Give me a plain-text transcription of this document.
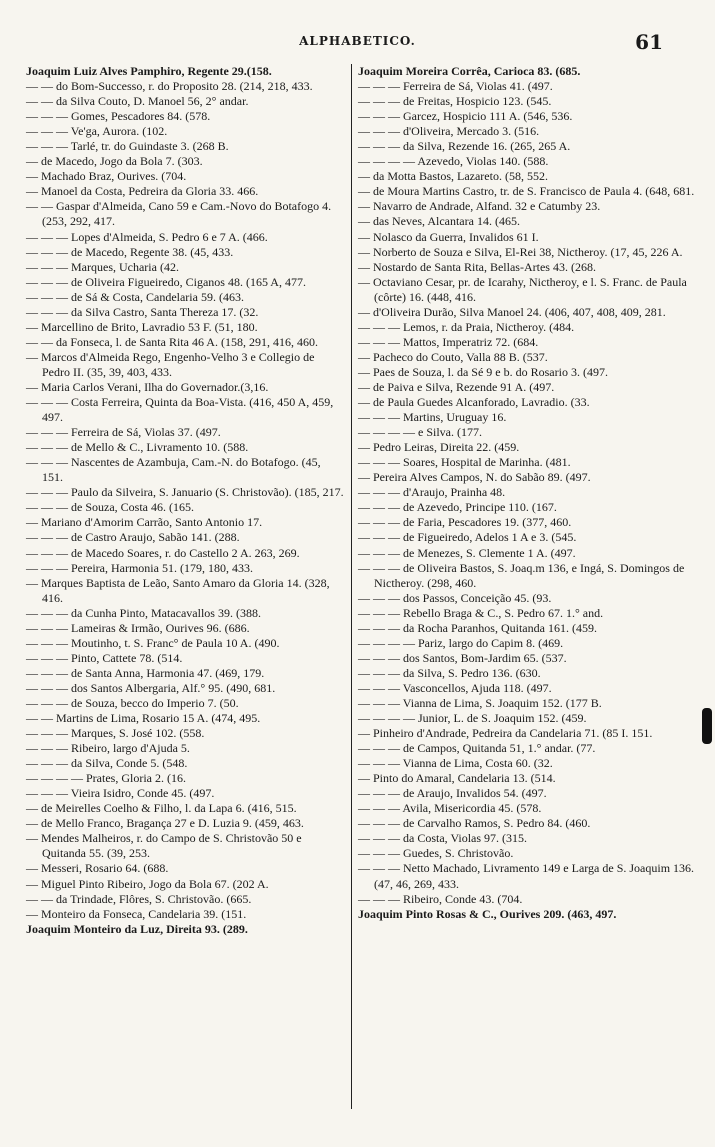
ALPHABETICO.	61
Joaquim Luiz Alves Pamphiro, Regente 29.(158.
— — do Bom-Successo, r. do Proposito 28. (214, 218, 433.
— — da Silva Couto, D. Manoel 56, 2° andar.
— — — Gomes, Pescadores 84. (578.
— — — Ve'ga, Aurora. (102.
— — — Tarlé, tr. do Guindaste 3. (268 B.
— de Macedo, Jogo da Bola 7. (303.
— Machado Braz, Ourives. (704.
— Manoel da Costa, Pedreira da Gloria 33. 466.
— — Gaspar d'Almeida, Cano 59 e Cam.-Novo do Botafogo 4. (253, 292, 417.
— — — Lopes d'Almeida, S. Pedro 6 e 7 A. (466.
— — — de Macedo, Regente 38. (45, 433.
— — — Marques, Ucharia (42.
— — — de Oliveira Figueiredo, Ciganos 48. (165 A, 477.
— — — de Sá & Costa, Candelaria 59. (463.
— — — da Silva Castro, Santa Thereza 17. (32.
— Marcellino de Brito, Lavradio 53 F. (51, 180.
— — da Fonseca, l. de Santa Rita 46 A. (158, 291, 416, 460.
— Marcos d'Almeida Rego, Engenho-Velho 3 e Collegio de Pedro II. (35, 39, 403, 433.
— Maria Carlos Verani, Ilha do Governador.(3,16.
— — — Costa Ferreira, Quinta da Boa-Vista. (416, 450 A, 459, 497.
— — — Ferreira de Sá, Violas 37. (497.
— — — de Mello & C., Livramento 10. (588.
— — — Nascentes de Azambuja, Cam.-N. do Botafogo. (45, 151.
— — — Paulo da Silveira, S. Januario (S. Christovão). (185, 217.
— — — de Souza, Costa 46. (165.
— Mariano d'Amorim Carrão, Santo Antonio 17.
— — — de Castro Araujo, Sabão 141. (288.
— — — de Macedo Soares, r. do Castello 2 A. 263, 269.
— — — Pereira, Harmonia 51. (179, 180, 433.
— Marques Baptista de Leão, Santo Amaro da Gloria 14. (328, 416.
— — — da Cunha Pinto, Matacavallos 39. (388.
— — — Lameiras & Irmão, Ourives 96. (686.
— — — Moutinho, t. S. Franc° de Paula 10 A. (490.
— — — Pinto, Cattete 78. (514.
— — — de Santa Anna, Harmonia 47. (469, 179.
— — — dos Santos Albergaria, Alf.° 95. (490, 681.
— — — de Souza, becco do Imperio 7. (50.
— — Martins de Lima, Rosario 15 A. (474, 495.
— — — Marques, S. José 102. (558.
— — — Ribeiro, largo d'Ajuda 5.
— — — da Silva, Conde 5. (548.
— — — — Prates, Gloria 2. (16.
— — — Vieira Isidro, Conde 45. (497.
— de Meirelles Coelho & Filho, l. da Lapa 6. (416, 515.
— de Mello Franco, Bragança 27 e D. Luzia 9. (459, 463.
— Mendes Malheiros, r. do Campo de S. Christovão 50 e Quitanda 55. (39, 253.
— Messeri, Rosario 64. (688.
— Miguel Pinto Ribeiro, Jogo da Bola 67. (202 A.
— — da Trindade, Flôres, S. Christovão. (665.
— Monteiro da Fonseca, Candelaria 39. (151.
Joaquim Monteiro da Luz, Direita 93. (289.
Joaquim Moreira Corrêa, Carioca 83. (685.
— — — Ferreira de Sá, Violas 41. (497.
— — — de Freitas, Hospicio 123. (545.
— — — Garcez, Hospicio 111 A. (546, 536.
— — — d'Oliveira, Mercado 3. (516.
— — — da Silva, Rezende 16. (265, 265 A.
— — — — Azevedo, Violas 140. (588.
— da Motta Bastos, Lazareto. (58, 552.
— de Moura Martins Castro, tr. de S. Francisco de Paula 4. (648, 681.
— Navarro de Andrade, Alfand. 32 e Catumby 23.
— das Neves, Alcantara 14. (465.
— Nolasco da Guerra, Invalidos 61 I.
— Norberto de Souza e Silva, El-Rei 38, Nictheroy. (17, 45, 226 A.
— Nostardo de Santa Rita, Bellas-Artes 43. (268.
— Octaviano Cesar, pr. de Icarahy, Nictheroy, e l. S. Franc. de Paula (côrte) 16. (448, 416.
— d'Oliveira Durão, Silva Manoel 24. (406, 407, 408, 409, 281.
— — — Lemos, r. da Praia, Nictheroy. (484.
— — — Mattos, Imperatriz 72. (684.
— Pacheco do Couto, Valla 88 B. (537.
— Paes de Souza, l. da Sé 9 e b. do Rosario 3. (497.
— de Paiva e Silva, Rezende 91 A. (497.
— de Paula Guedes Alcanforado, Lavradio. (33.
— — — Martins, Uruguay 16.
— — — — e Silva. (177.
— Pedro Leiras, Direita 22. (459.
— — — Soares, Hospital de Marinha. (481.
— Pereira Alves Campos, N. do Sabão 89. (497.
— — — d'Araujo, Prainha 48.
— — — de Azevedo, Principe 110. (167.
— — — de Faria, Pescadores 19. (377, 460.
— — — de Figueiredo, Adelos 1 A e 3. (545.
— — — de Menezes, S. Clemente 1 A. (497.
— — — de Oliveira Bastos, S. Joaq.m 136, e Ingá, S. Domingos de Nictheroy. (298, 460.
— — — dos Passos, Conceição 45. (93.
— — — Rebello Braga & C., S. Pedro 67. 1.° and.
— — — da Rocha Paranhos, Quitanda 161. (459.
— — — — Pariz, largo do Capim 8. (469.
— — — dos Santos, Bom-Jardim 65. (537.
— — — da Silva, S. Pedro 136. (630.
— — — Vasconcellos, Ajuda 118. (497.
— — — Vianna de Lima, S. Joaquim 152. (177 B.
— — — — Junior, L. de S. Joaquim 152. (459.
— Pinheiro d'Andrade, Pedreira da Candelaria 71. (85 I. 151.
— — — de Campos, Quitanda 51, 1.° andar. (77.
— — — Vianna de Lima, Costa 60. (32.
— Pinto do Amaral, Candelaria 13. (514.
— — — de Araujo, Invalidos 54. (497.
— — — Avila, Misericordia 45. (578.
— — — de Carvalho Ramos, S. Pedro 84. (460.
— — — da Costa, Violas 97. (315.
— — — Guedes, S. Christovão.
— — — Netto Machado, Livramento 149 e Larga de S. Joaquim 136. (47, 46, 269, 433.
— — — Ribeiro, Conde 43. (704.
Joaquim Pinto Rosas & C., Ourives 209. (463, 497.
